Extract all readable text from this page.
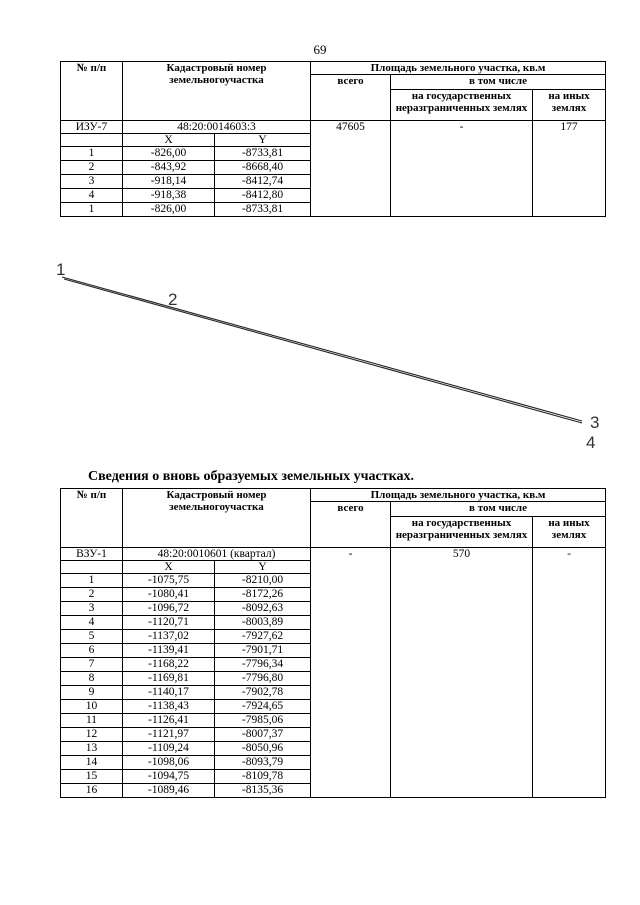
69
№ п/п	Кадастровый номер земельногоучастка		Площадь земельного участка, кв.м		
			всего	в том числе	
				на государственных неразграниченных землях	на иных землях
ИЗУ-7	48:20:0014603:3		47605	-	177
	X	Y			
1	-826,00	-8733,81			
2	-843,92	-8668,40			
3	-918,14	-8412,74			
4	-918,38	-8412,80			
1	-826,00	-8733,81			
1
2
3
4
Сведения о вновь образуемых земельных участках.
№ п/п	Кадастровый номер земельногоучастка		Площадь земельного участка, кв.м		
			всего	в том числе	
				на государственных неразграниченных землях	на иных землях
ВЗУ-1	48:20:0010601 (квартал)		-	570	-
	X	Y			
1	-1075,75	-8210,00			
2	-1080,41	-8172,26			
3	-1096,72	-8092,63			
4	-1120,71	-8003,89			
5	-1137,02	-7927,62			
6	-1139,41	-7901,71			
7	-1168,22	-7796,34			
8	-1169,81	-7796,80			
9	-1140,17	-7902,78			
10	-1138,43	-7924,65			
11	-1126,41	-7985,06			
12	-1121,97	-8007,37			
13	-1109,24	-8050,96			
14	-1098,06	-8093,79			
15	-1094,75	-8109,78			
16	-1089,46	-8135,36			
